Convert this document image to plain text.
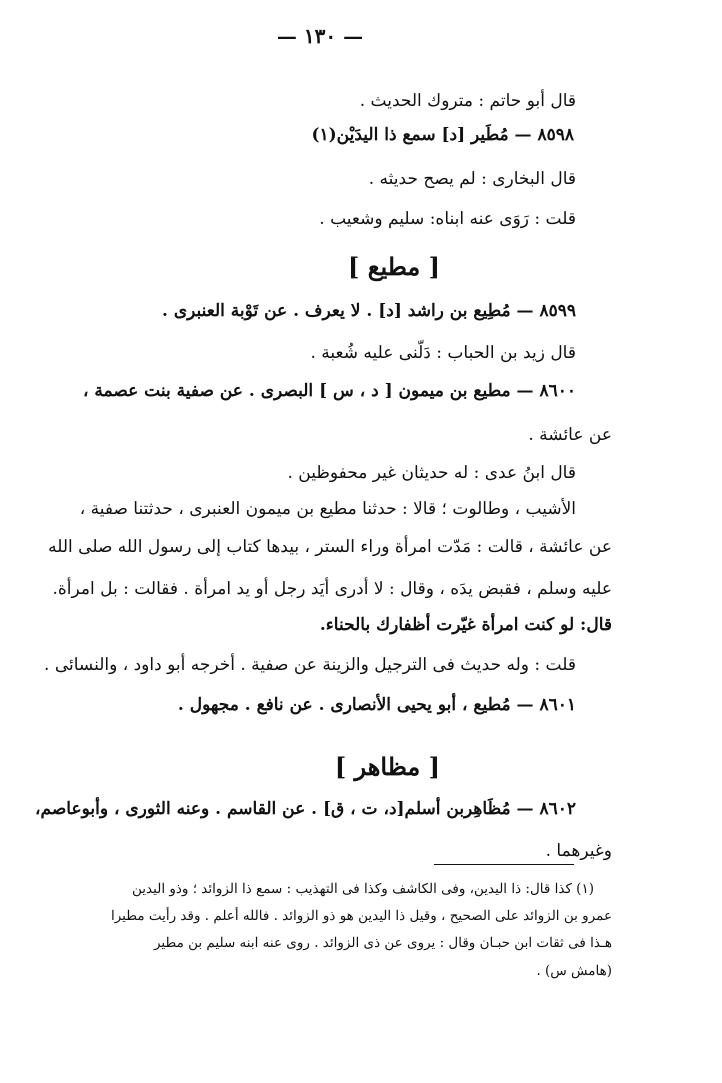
— ١٣٠ —
قال أبو حاتم : متروك الحديث .
٨٥٩٨ — مُطَير [د] سمع ذا اليدَيْن(١)
قال البخارى : لم يصح حديثه .
قلت : رَوَى عنه ابناه: سليم وشعيب .
[ مطيع ]
٨٥٩٩ — مُطِيع بن راشد [د] . لا يعرف . عن تَوْبة العنبرى .
قال زيد بن الحباب : دَلّنى عليه شُعبة .
٨٦٠٠ — مطيع بن ميمون [ د ، س ] البصرى . عن صفية بنت عصمة ،
عن عائشة .
قال ابنُ عدى : له حديثان غير محفوظين .
الأشيب ، وطالوت ؛ قالا : حدثنا مطيع بن ميمون العنبرى ، حدثتنا صفية ،
عن عائشة ، قالت : مَدّت امرأة وراء الستر ، بيدها كتاب إلى رسول الله صلى الله
عليه وسلم ، فقبض يدَه ، وقال : لا أدرى أيَد رجل أو يد امرأة . فقالت : بل امرأة.
قال: لو كنت امرأة غيّرت أظفارك بالحناء.
قلت : وله حديث فى الترجيل والزينة عن صفية . أخرجه أبو داود ، والنسائى .
٨٦٠١ — مُطيع ، أبو يحيى الأنصارى . عن نافع . مجهول .
[ مظاهر ]
٨٦٠٢ — مُظَاهِربن أسلم[د، ت ، ق] . عن القاسم . وعنه الثورى ، وأبوعاصم،
وغيرهما .
(١) كذا قال: ذا اليدين، وفى الكاشف وكذا فى التهذيب : سمع ذا الزوائد ؛ وذو اليدين
عمرو بن الزوائد على الصحيح ، وقيل ذا اليدين هو ذو الزوائد . فالله أعلم . وقد رأيت مطيرا
هـذا فى ثقات ابن حبـان وقال : يروى عن ذى الزوائد . روى عنه ابنه سليم بن مطير
(هامش س) .
